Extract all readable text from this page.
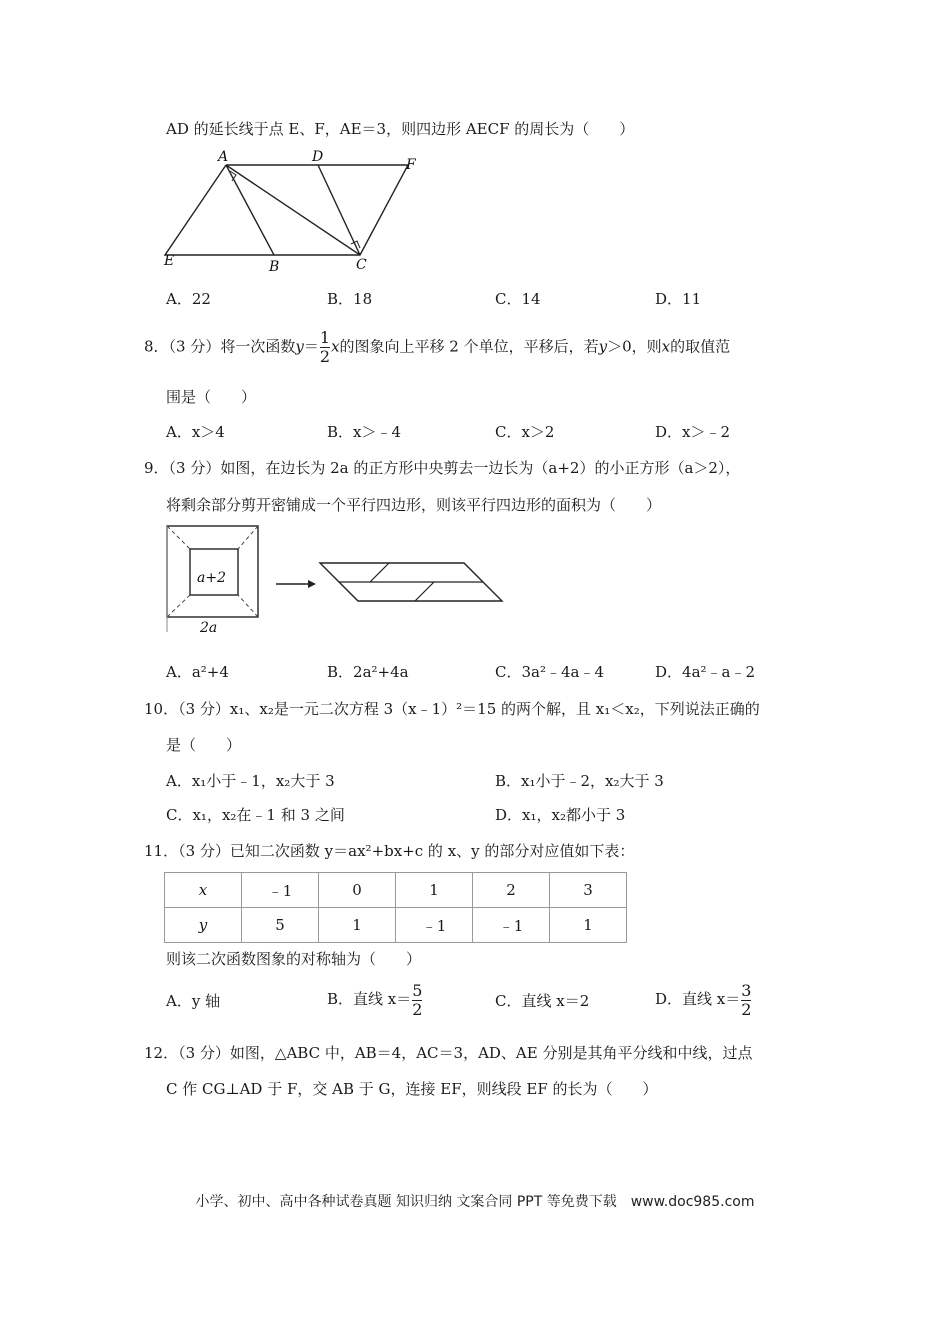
AD 的延长线于点 E、F，AE＝3，则四边形 AECF 的周长为（　　）
A	D	F
E	B	C
A．22	B．18	C．14	D．11
8．（3 分）将一次函数$y= \frac{1}{2}$ x的图象向上平移 2 个单位，平移后，若y＞0，则x的取值范
围是（　　）
A．x＞4	B．x＞﹣4	C．x＞2	D．x＞﹣2
9．（3 分）如图，在边长为 2a 的正方形中央剪去一边长为（a+2）的小正方形（a＞2），
将剩余部分剪开密铺成一个平行四边形，则该平行四边形的面积为（　　）
a+2
2a
A．a²+4	B．2a²+4a	C．3a²﹣4a﹣4	D．4a²﹣a﹣2
10．（3 分）x₁、x₂是一元二次方程 3（x﹣1）²＝15 的两个解，且 x₁＜x₂，下列说法正确的
是（　　）
A．x₁小于﹣1，x₂大于 3	B．x₁小于﹣2，x₂大于 3
C．x₁，x₂在﹣1 和 3 之间	D．x₁，x₂都小于 3
11．（3 分）已知二次函数 y＝ax²+bx+c 的 x、y 的部分对应值如下表：
x	﹣1	0	1	2	3
y	5	1	﹣1	﹣1	1
则该二次函数图象的对称轴为（　　）
A．y 轴	B．直线 $x= \frac{5}{2}$	C．直线 x＝2	D．直线 $x= \frac{3}{2}$
12．（3 分）如图，△ABC 中，AB＝4，AC＝3，AD、AE 分别是其角平分线和中线，过点
C 作 CG⊥AD 于 F，交 AB 于 G，连接 EF，则线段 EF 的长为（　　）
小学、初中、高中各种试卷真题 知识归纳 文案合同 PPT 等免费下载　www.doc985.com
